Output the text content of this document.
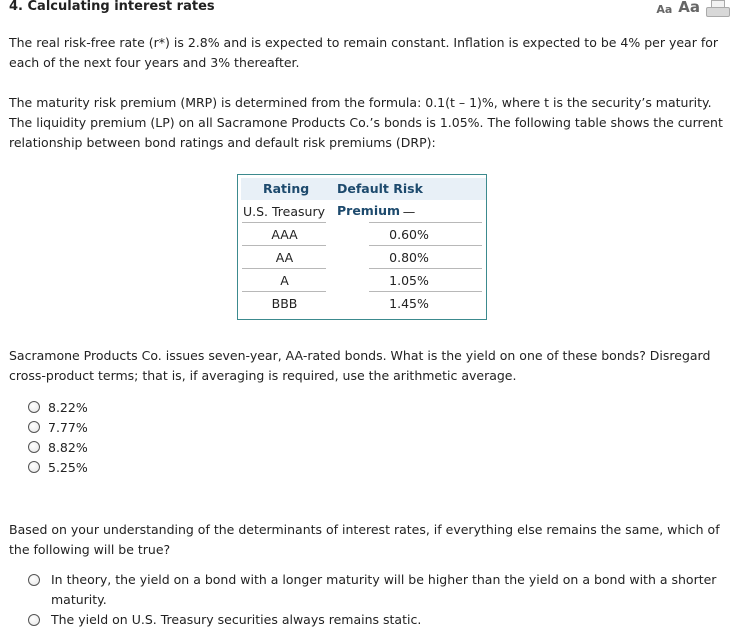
4. Calculating interest rates	Aa Aa

The real risk-free rate (r*) is 2.8% and is expected to remain constant. Inflation is expected to be 4% per year for each of the next four years and 3% thereafter.

The maturity risk premium (MRP) is determined from the formula: 0.1(t – 1)%, where t is the security’s maturity. The liquidity premium (LP) on all Sacramone Products Co.’s bonds is 1.05%. The following table shows the current relationship between bond ratings and default risk premiums (DRP):

Rating Default Risk Premium
U.S. Treasury	—
AAA	0.60%
AA	0.80%
A	1.05%
BBB	1.45%

Sacramone Products Co. issues seven-year, AA-rated bonds. What is the yield on one of these bonds? Disregard cross-product terms; that is, if averaging is required, use the arithmetic average.

8.22%
7.77%
8.82%
5.25%

Based on your understanding of the determinants of interest rates, if everything else remains the same, which of the following will be true?

In theory, the yield on a bond with a longer maturity will be higher than the yield on a bond with a shorter maturity.
The yield on U.S. Treasury securities always remains static.
